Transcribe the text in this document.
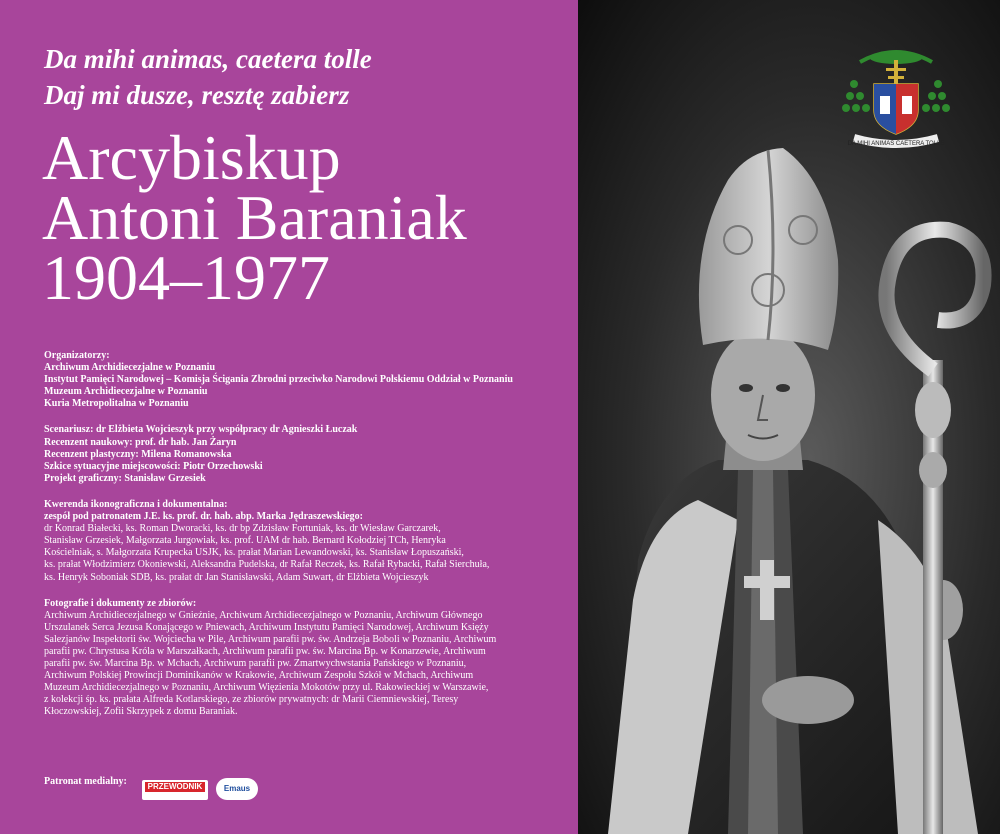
Da mihi animas, caetera tolle
Daj mi dusze, resztę zabierz
Arcybiskup
Antoni Baraniak
1904–1977
Organizatorzy:
Archiwum Archidiecezjalne w Poznaniu
Instytut Pamięci Narodowej – Komisja Ścigania Zbrodni przeciwko Narodowi Polskiemu Oddział w Poznaniu
Muzeum Archidiecezjalne w Poznaniu
Kuria Metropolitalna w Poznaniu
Scenariusz: dr Elżbieta Wojcieszyk przy współpracy dr Agnieszki Łuczak
Recenzent naukowy: prof. dr hab. Jan Żaryn
Recenzent plastyczny: Milena Romanowska
Szkice sytuacyjne miejscowości: Piotr Orzechowski
Projekt graficzny: Stanisław Grzesiek
Kwerenda ikonograficzna i dokumentalna:
zespół pod patronatem J.E. ks. prof. dr. hab. abp. Marka Jędraszewskiego:
dr Konrad Białecki, ks. Roman Dworacki, ks. dr bp Zdzisław Fortuniak, ks. dr Wiesław Garczarek,
Stanisław Grzesiek, Małgorzata Jurgowiak, ks. prof. UAM dr hab. Bernard Kołodziej TCh, Henryka
Kościelniak, s. Małgorzata Krupecka USJK, ks. prałat Marian Lewandowski, ks. Stanisław Łopuszański,
ks. prałat Włodzimierz Okoniewski, Aleksandra Pudelska, dr Rafał Reczek, ks. Rafał Rybacki, Rafał Sierchuła,
ks. Henryk Soboniak SDB, ks. prałat dr Jan Stanisławski, Adam Suwart, dr Elżbieta Wojcieszyk
Fotografie i dokumenty ze zbiorów:
Archiwum Archidiecezjalnego w Gnieźnie, Archiwum Archidiecezjalnego w Poznaniu, Archiwum Głównego
Urszulanek Serca Jezusa Konającego w Pniewach, Archiwum Instytutu Pamięci Narodowej, Archiwum Księży
Salezjanów Inspektorii św. Wojciecha w Pile, Archiwum parafii pw. św. Andrzeja Boboli w Poznaniu, Archiwum
parafii pw. Chrystusa Króla w Marszałkach, Archiwum parafii pw. św. Marcina Bp. w Konarzewie, Archiwum
parafii pw. św. Marcina Bp. w Mchach, Archiwum parafii pw. Zmartwychwstania Pańskiego w Poznaniu,
Archiwum Polskiej Prowincji Dominikanów w Krakowie, Archiwum Zespołu Szkół w Mchach, Archiwum
Muzeum Archidiecezjalnego w Poznaniu, Archiwum Więzienia Mokotów przy ul. Rakowieckiej w Warszawie,
z kolekcji śp. ks. prałata Alfreda Kotlarskiego, ze zbiorów prywatnych: dr Marii Ciemniewskiej, Teresy
Kłoczowskiej, Zofii Skrzypek z domu Baraniak.
Patronat medialny:	PRZEWODNIK
	Emaus
DA MIHI ANIMAS CAETERA TOLLE
